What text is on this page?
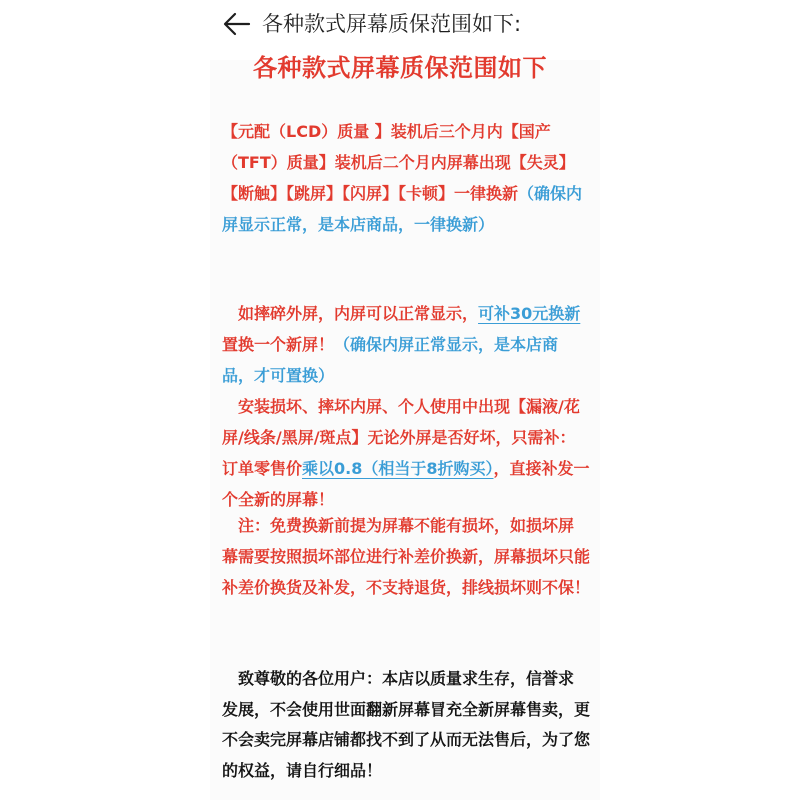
各种款式屏幕质保范围如下:
各种款式屏幕质保范围如下
【元配（LCD）质量 】装机后三个月内【国产（TFT）质量】装机后二个月内屏幕出现【失灵】【断触】【跳屏】【闪屏】【卡顿】一律换新（确保内屏显示正常，是本店商品，一律换新）
　如摔碎外屏，内屏可以正常显示，可补30元换新置换一个新屏！（确保内屏正常显示，是本店商品，才可置换）
　安装损坏、摔坏内屏、个人使用中出现【漏液/花屏/线条/黑屏/斑点】无论外屏是否好坏，只需补：订单零售价乘以0.8（相当于8折购买），直接补发一个全新的屏幕！
　注：免费换新前提为屏幕不能有损坏，如损坏屏幕需要按照损坏部位进行补差价换新，屏幕损坏只能补差价换货及补发，不支持退货，排线损坏则不保！
　致尊敬的各位用户：本店以质量求生存，信誉求发展，不会使用世面翻新屏幕冒充全新屏幕售卖，更不会卖完屏幕店铺都找不到了从而无法售后，为了您的权益，请自行细品！
